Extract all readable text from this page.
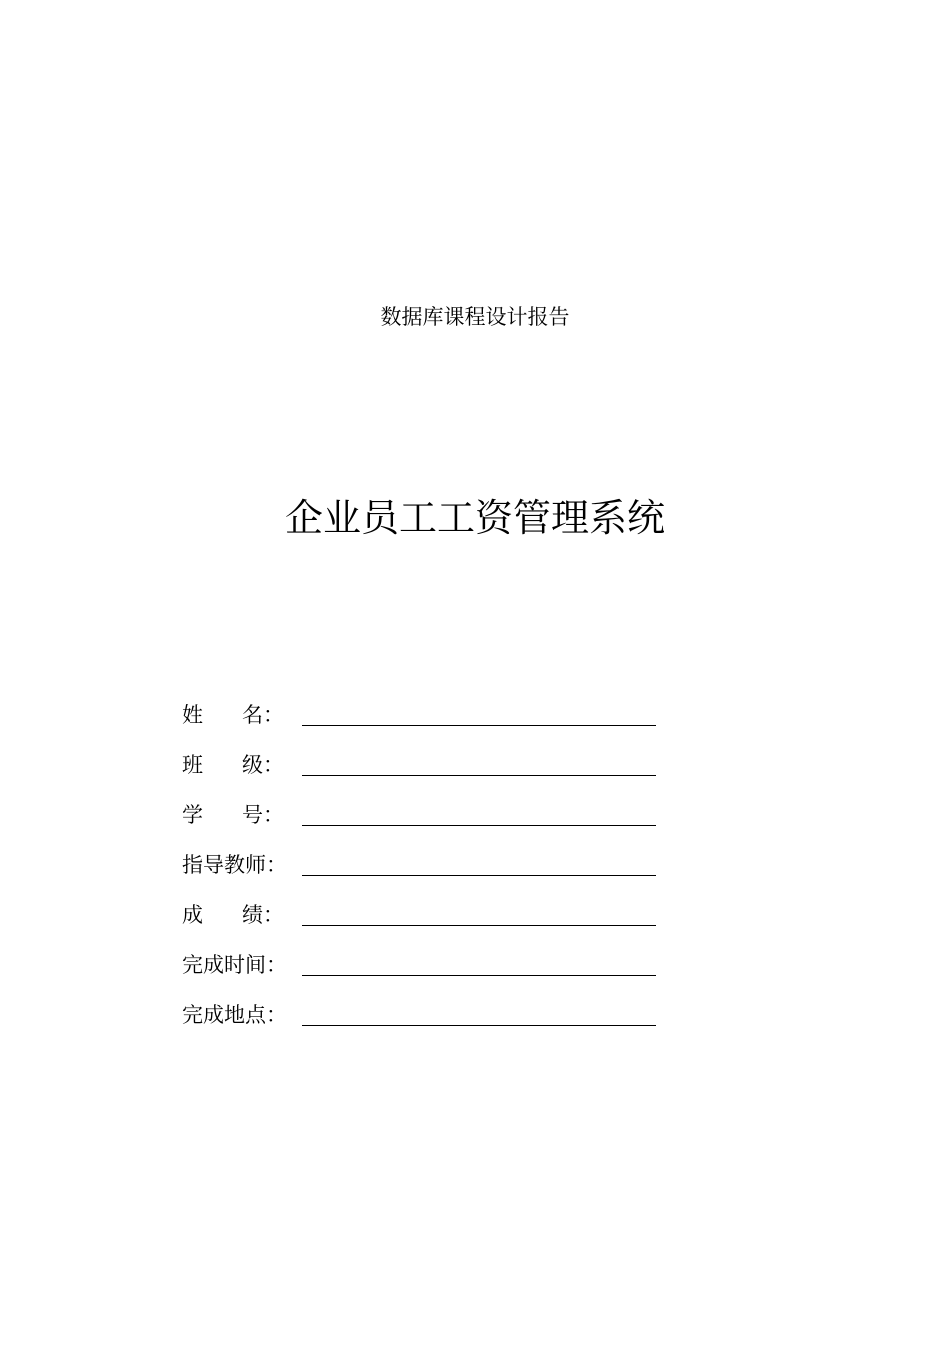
数据库课程设计报告
企业员工工资管理系统
姓 名：
班 级：
学 号：
指导教师：
成 绩：
完成时间：
完成地点：
